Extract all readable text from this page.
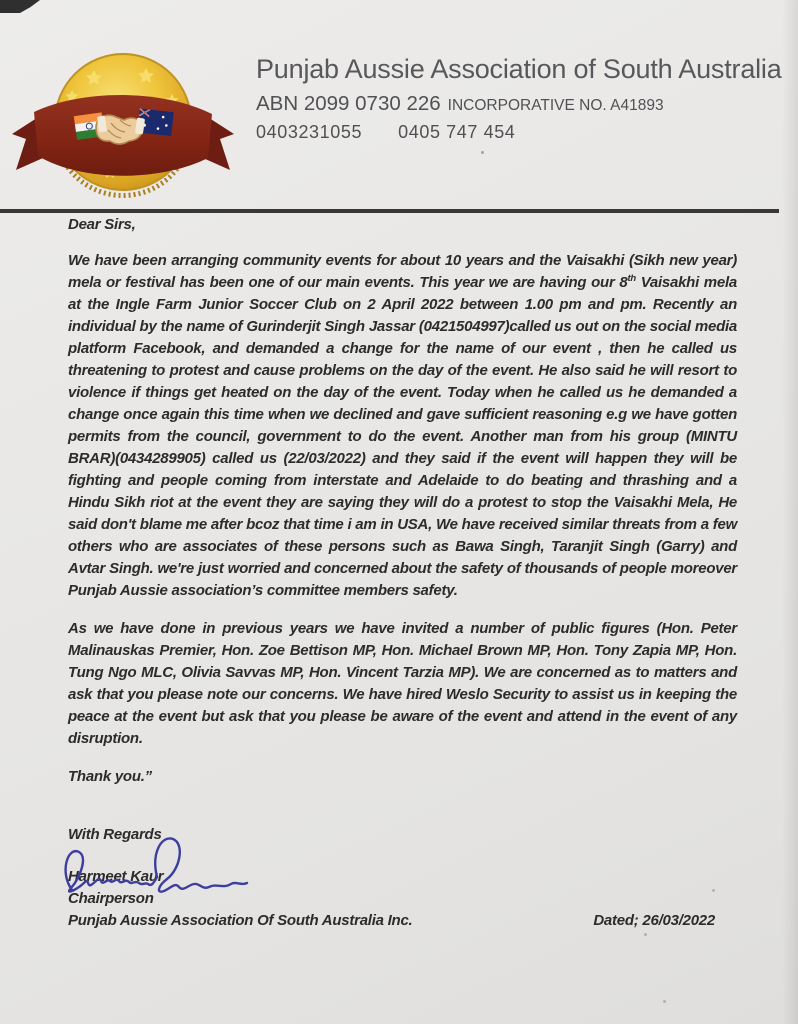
Punjab Aussie Association of South Australia
ABN 2099 0730 226 INCORPORATIVE NO. A41893
0403231055 0405 747 454

Dear Sirs,

We have been arranging community events for about 10 years and the Vaisakhi (Sikh new year) mela or festival has been one of our main events. This year we are having our 8th Vaisakhi mela at the Ingle Farm Junior Soccer Club on 2 April 2022 between 1.00 pm and pm. Recently an individual by the name of Gurinderjit Singh Jassar (0421504997)called us out on the social media platform Facebook, and demanded a change for the name of our event , then he called us threatening to protest and cause problems on the day of the event. He also said he will resort to violence if things get heated on the day of the event. Today when he called us he demanded a change once again this time when we declined and gave sufficient reasoning e.g we have gotten permits from the council, government to do the event. Another man from his group (MINTU BRAR)(0434289905) called us (22/03/2022) and they said if the event will happen they will be fighting and people coming from interstate and Adelaide to do beating and thrashing and a Hindu Sikh riot at the event they are saying they will do a protest to stop the Vaisakhi Mela, He said don't blame me after bcoz that time i am in USA, We have received similar threats from a few others who are associates of these persons such as Bawa Singh, Taranjit Singh (Garry) and Avtar Singh. we're just worried and concerned about the safety of thousands of people moreover Punjab Aussie association’s committee members safety.

As we have done in previous years we have invited a number of public figures (Hon. Peter Malinauskas Premier, Hon. Zoe Bettison MP, Hon. Michael Brown MP, Hon. Tony Zapia MP, Hon. Tung Ngo MLC, Olivia Savvas MP, Hon. Vincent Tarzia MP). We are concerned as to matters and ask that you please note our concerns. We have hired Weslo Security to assist us in keeping the peace at the event but ask that you please be aware of the event and attend in the event of any disruption.

Thank you.”

With Regards
Harmeet Kaur
Chairperson
Punjab Aussie Association Of South Australia Inc.	Dated; 26/03/2022
